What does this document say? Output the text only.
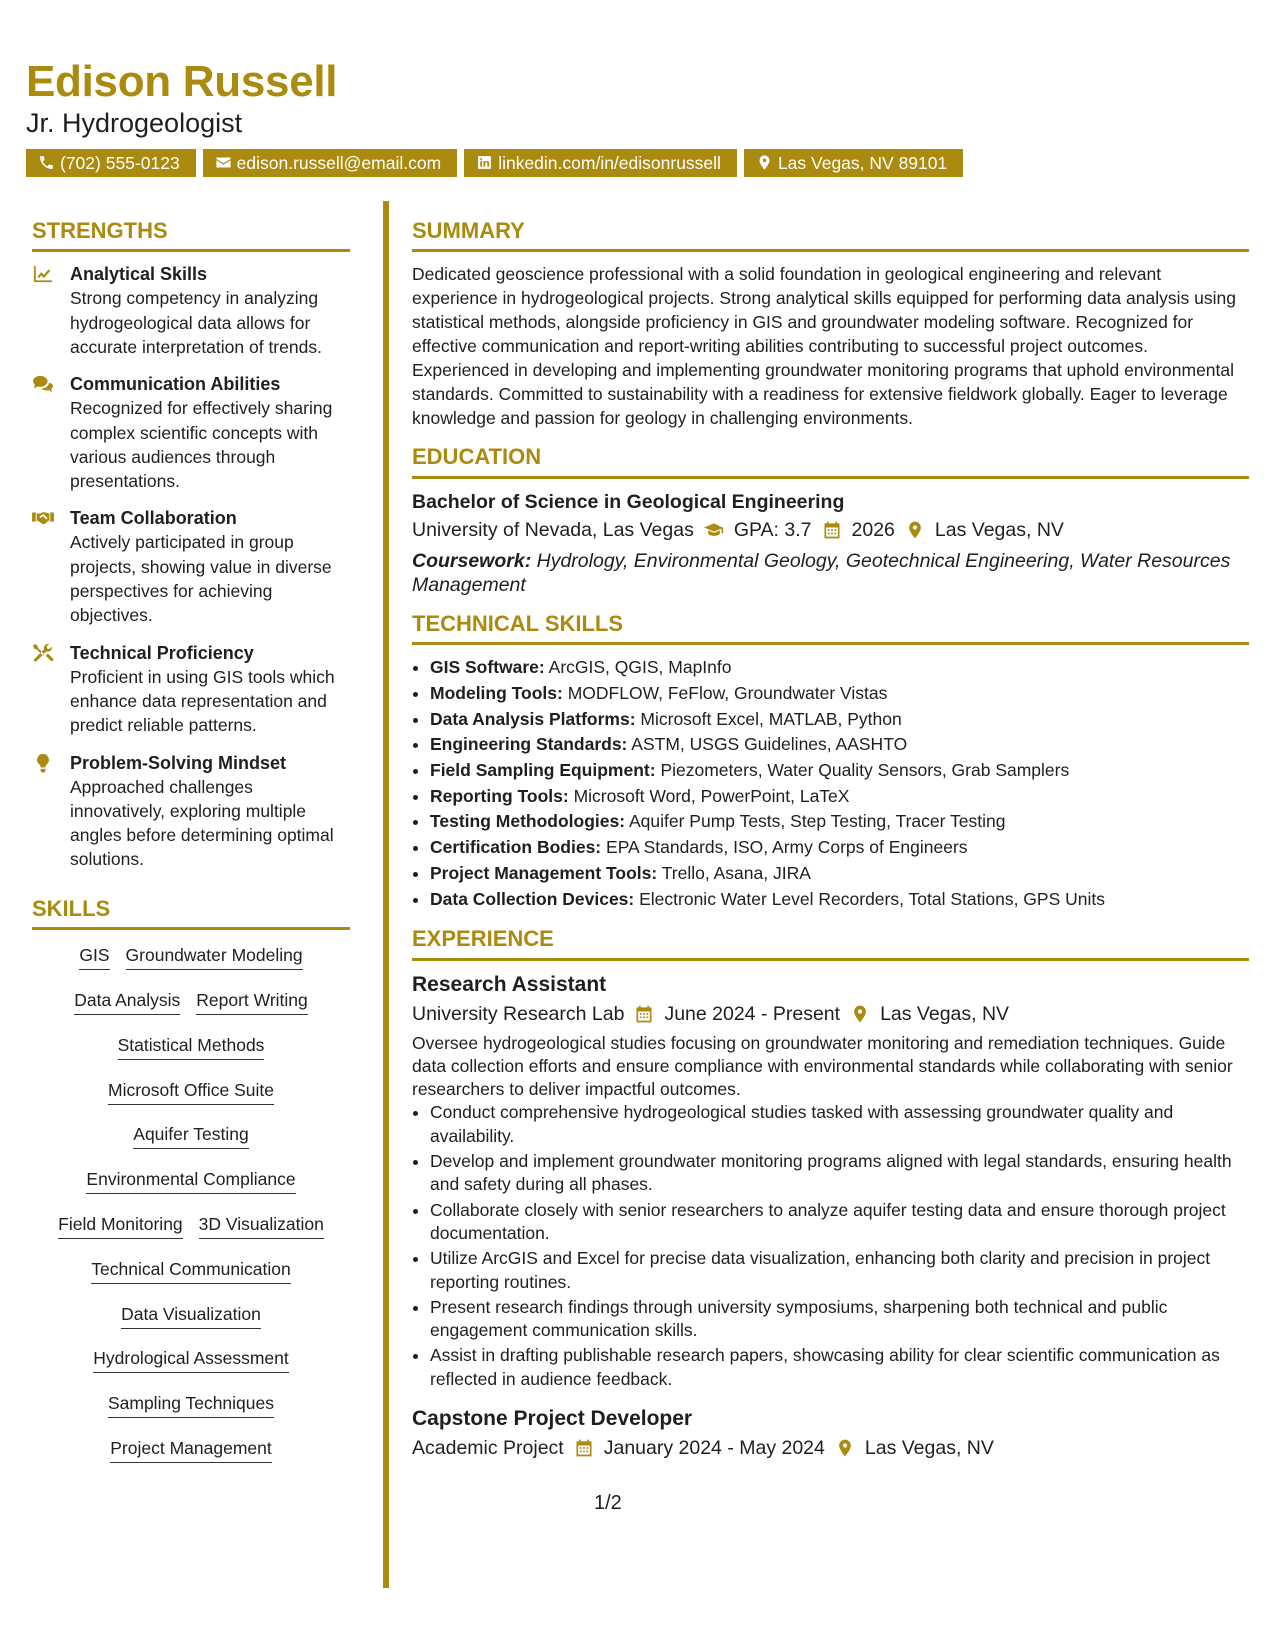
Edison Russell
Jr. Hydrogeologist
(702) 555-0123	edison.russell@email.com	linkedin.com/in/edisonrussell	Las Vegas, NV 89101
STRENGTHS
Analytical Skills
Strong competency in analyzing hydrogeological data allows for accurate interpretation of trends.
Communication Abilities
Recognized for effectively sharing complex scientific concepts with various audiences through presentations.
Team Collaboration
Actively participated in group projects, showing value in diverse perspectives for achieving objectives.
Technical Proficiency
Proficient in using GIS tools which enhance data representation and predict reliable patterns.
Problem-Solving Mindset
Approached challenges innovatively, exploring multiple angles before determining optimal solutions.
SKILLS
GIS Groundwater Modeling
Data Analysis Report Writing
Statistical Methods
Microsoft Office Suite
Aquifer Testing
Environmental Compliance
Field Monitoring 3D Visualization
Technical Communication
Data Visualization
Hydrological Assessment
Sampling Techniques
Project Management
SUMMARY

Dedicated geoscience professional with a solid foundation in geological engineering and relevant experience in hydrogeological projects. Strong analytical skills equipped for performing data analysis using statistical methods, alongside proficiency in GIS and groundwater modeling software. Recognized for effective communication and report-writing abilities contributing to successful project outcomes. Experienced in developing and implementing groundwater monitoring programs that uphold environmental standards. Committed to sustainability with a readiness for extensive fieldwork globally. Eager to leverage knowledge and passion for geology in challenging environments.

EDUCATION

Bachelor of Science in Geological Engineering

University of Nevada, Las Vegas GPA: 3.7 2026 Las Vegas, NV

Coursework: Hydrology, Environmental Geology, Geotechnical Engineering, Water Resources Management

TECHNICAL SKILLS
• GIS Software: ArcGIS, QGIS, MapInfo
• Modeling Tools: MODFLOW, FeFlow, Groundwater Vistas
• Data Analysis Platforms: Microsoft Excel, MATLAB, Python
• Engineering Standards: ASTM, USGS Guidelines, AASHTO
• Field Sampling Equipment: Piezometers, Water Quality Sensors, Grab Samplers
• Reporting Tools: Microsoft Word, PowerPoint, LaTeX
• Testing Methodologies: Aquifer Pump Tests, Step Testing, Tracer Testing
• Certification Bodies: EPA Standards, ISO, Army Corps of Engineers
• Project Management Tools: Trello, Asana, JIRA
• Data Collection Devices: Electronic Water Level Recorders, Total Stations, GPS Units
EXPERIENCE

Research Assistant

University Research Lab June 2024 - Present Las Vegas, NV

Oversee hydrogeological studies focusing on groundwater monitoring and remediation techniques. Guide data collection efforts and ensure compliance with environmental standards while collaborating with senior researchers to deliver impactful outcomes.

• Conduct comprehensive hydrogeological studies tasked with assessing groundwater quality and availability.
• Develop and implement groundwater monitoring programs aligned with legal standards, ensuring health and safety during all phases.
• Collaborate closely with senior researchers to analyze aquifer testing data and ensure thorough project documentation.
• Utilize ArcGIS and Excel for precise data visualization, enhancing both clarity and precision in project reporting routines.
• Present research findings through university symposiums, sharpening both technical and public engagement communication skills.
• Assist in drafting publishable research papers, showcasing ability for clear scientific communication as reflected in audience feedback.

Capstone Project Developer

Academic Project January 2024 - May 2024 Las Vegas, NV
1/2
